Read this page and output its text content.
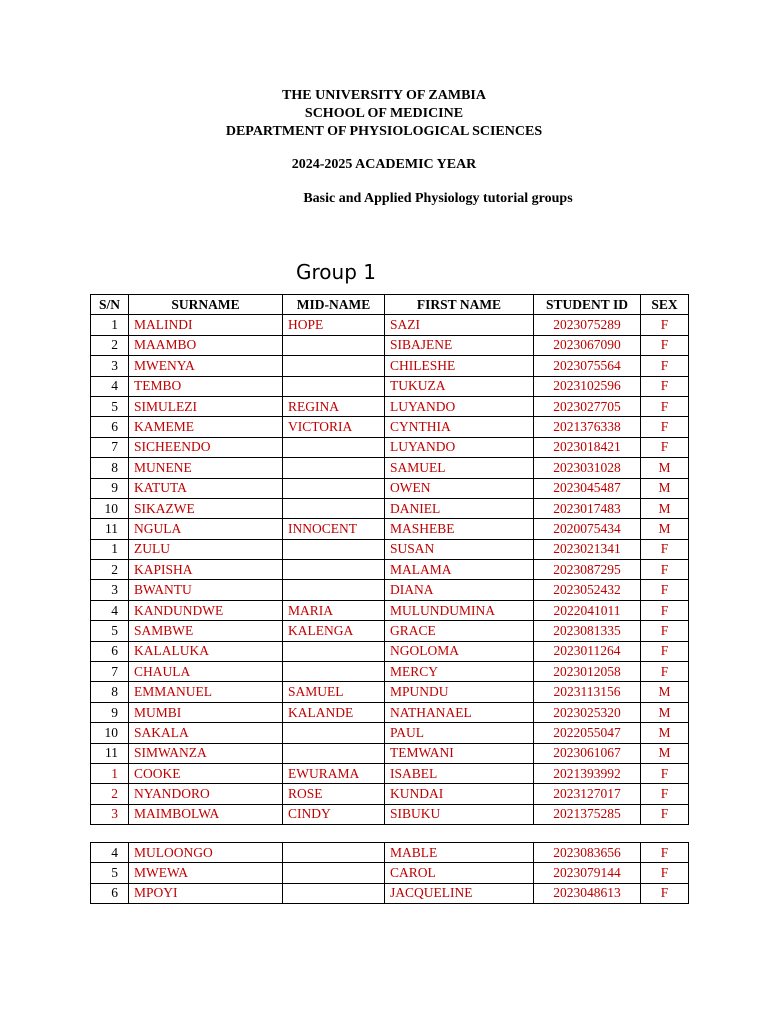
THE UNIVERSITY OF ZAMBIA
SCHOOL OF MEDICINE
DEPARTMENT OF PHYSIOLOGICAL SCIENCES
2024-2025 ACADEMIC YEAR
Basic and Applied Physiology tutorial groups
Group 1
S/N	SURNAME	MID-NAME	FIRST NAME	STUDENT ID	SEX
1	MALINDI	HOPE	SAZI	2023075289	F
2	MAAMBO		SIBAJENE	2023067090	F
3	MWENYA		CHILESHE	2023075564	F
4	TEMBO		TUKUZA	2023102596	F
5	SIMULEZI	REGINA	LUYANDO	2023027705	F
6	KAMEME	VICTORIA	CYNTHIA	2021376338	F
7	SICHEENDO		LUYANDO	2023018421	F
8	MUNENE		SAMUEL	2023031028	M
9	KATUTA		OWEN	2023045487	M
10	SIKAZWE		DANIEL	2023017483	M
11	NGULA	INNOCENT	MASHEBE	2020075434	M
1	ZULU		SUSAN	2023021341	F
2	KAPISHA		MALAMA	2023087295	F
3	BWANTU		DIANA	2023052432	F
4	KANDUNDWE	MARIA	MULUNDUMINA	2022041011	F
5	SAMBWE	KALENGA	GRACE	2023081335	F
6	KALALUKA		NGOLOMA	2023011264	F
7	CHAULA		MERCY	2023012058	F
8	EMMANUEL	SAMUEL	MPUNDU	2023113156	M
9	MUMBI	KALANDE	NATHANAEL	2023025320	M
10	SAKALA		PAUL	2022055047	M
11	SIMWANZA		TEMWANI	2023061067	M
1	COOKE	EWURAMA	ISABEL	2021393992	F
2	NYANDORO	ROSE	KUNDAI	2023127017	F
3	MAIMBOLWA	CINDY	SIBUKU	2021375285	F
4	MULOONGO		MABLE	2023083656	F
5	MWEWA		CAROL	2023079144	F
6	MPOYI		JACQUELINE	2023048613	F
